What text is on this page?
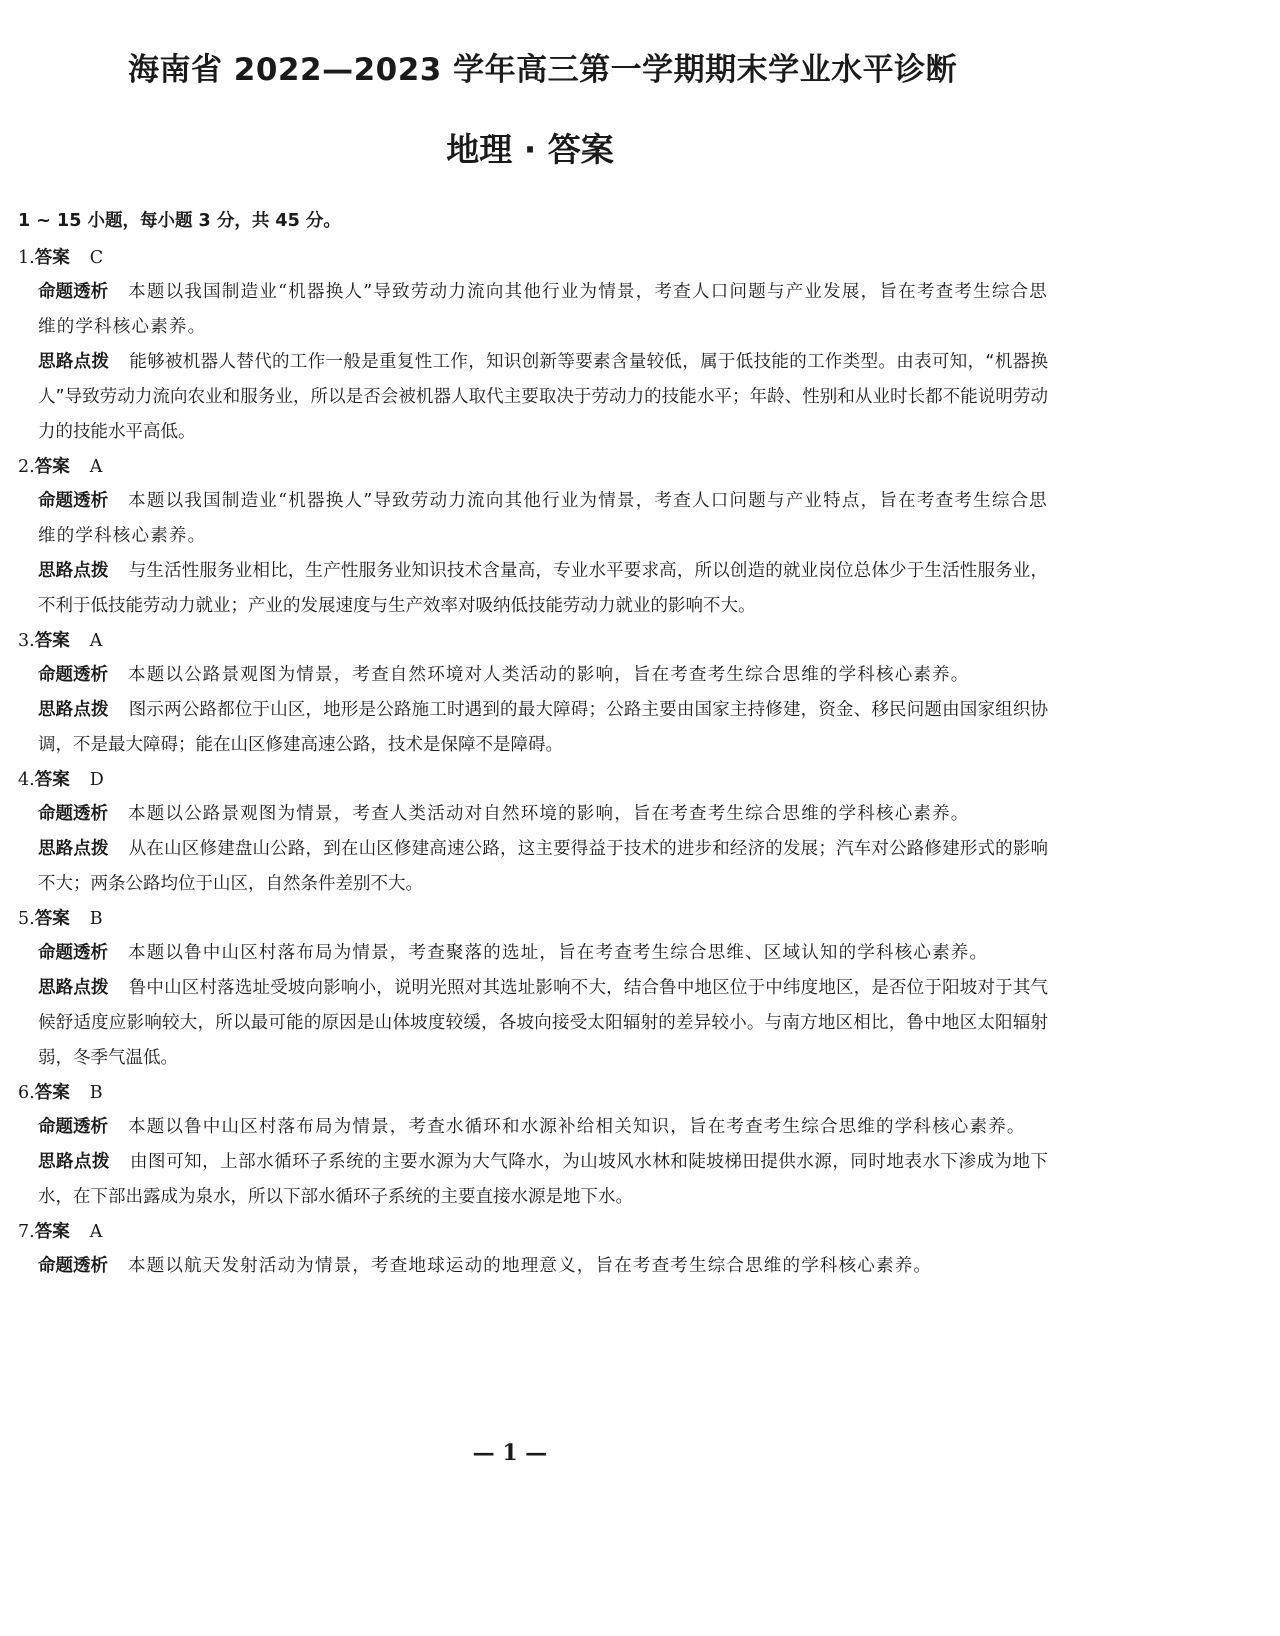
海南省 2022—2023 学年高三第一学期期末学业水平诊断
地理 · 答案
1 ~ 15 小题，每小题 3 分，共 45 分。
1.答案 C
命题透析 本题以我国制造业“机器换人”导致劳动力流向其他行业为情景，考查人口问题与产业发展，旨在考查考生综合思维的学科核心素养。
思路点拨 能够被机器人替代的工作一般是重复性工作，知识创新等要素含量较低，属于低技能的工作类型。由表可知，“机器换人”导致劳动力流向农业和服务业，所以是否会被机器人取代主要取决于劳动力的技能水平；年龄、性别和从业时长都不能说明劳动力的技能水平高低。
2.答案 A
命题透析 本题以我国制造业“机器换人”导致劳动力流向其他行业为情景，考查人口问题与产业特点，旨在考查考生综合思维的学科核心素养。
思路点拨 与生活性服务业相比，生产性服务业知识技术含量高，专业水平要求高，所以创造的就业岗位总体少于生活性服务业，不利于低技能劳动力就业；产业的发展速度与生产效率对吸纳低技能劳动力就业的影响不大。
3.答案 A
命题透析 本题以公路景观图为情景，考查自然环境对人类活动的影响，旨在考查考生综合思维的学科核心素养。
思路点拨 图示两公路都位于山区，地形是公路施工时遇到的最大障碍；公路主要由国家主持修建，资金、移民问题由国家组织协调，不是最大障碍；能在山区修建高速公路，技术是保障不是障碍。
4.答案 D
命题透析 本题以公路景观图为情景，考查人类活动对自然环境的影响，旨在考查考生综合思维的学科核心素养。
思路点拨 从在山区修建盘山公路，到在山区修建高速公路，这主要得益于技术的进步和经济的发展；汽车对公路修建形式的影响不大；两条公路均位于山区，自然条件差别不大。
5.答案 B
命题透析 本题以鲁中山区村落布局为情景，考查聚落的选址，旨在考查考生综合思维、区域认知的学科核心素养。
思路点拨 鲁中山区村落选址受坡向影响小，说明光照对其选址影响不大，结合鲁中地区位于中纬度地区，是否位于阳坡对于其气候舒适度应影响较大，所以最可能的原因是山体坡度较缓，各坡向接受太阳辐射的差异较小。与南方地区相比，鲁中地区太阳辐射弱，冬季气温低。
6.答案 B
命题透析 本题以鲁中山区村落布局为情景，考查水循环和水源补给相关知识，旨在考查考生综合思维的学科核心素养。
思路点拨 由图可知，上部水循环子系统的主要水源为大气降水，为山坡风水林和陡坡梯田提供水源，同时地表水下渗成为地下水，在下部出露成为泉水，所以下部水循环子系统的主要直接水源是地下水。
7.答案 A
命题透析 本题以航天发射活动为情景，考查地球运动的地理意义，旨在考查考生综合思维的学科核心素养。
— 1 —
